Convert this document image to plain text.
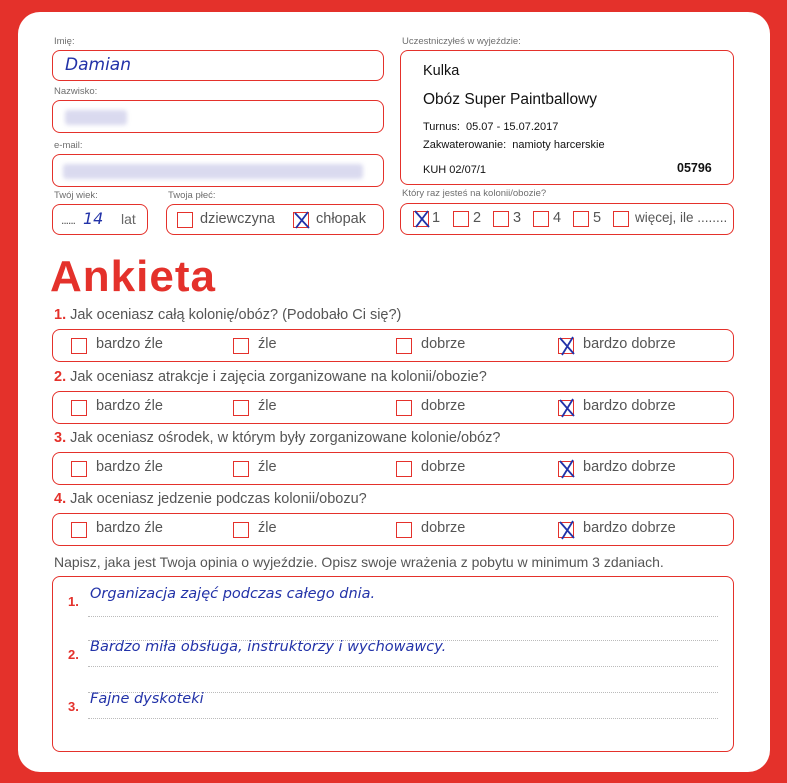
Imię:
Damian
Nazwisko:
e-mail:
Twój wiek:
...... 14 lat
Twoja płeć:
dziewczyna	chłopak
Uczestniczyłeś w wyjeździe:
Kulka
Obóz Super Paintballowy
Turnus: 05.07 - 15.07.2017
Zakwaterowanie: namioty harcerskie
KUH 02/07/1	05796
Który raz jesteś na kolonii/obozie?
1 2 3 4 5	więcej, ile ........
Ankieta
1. Jak oceniasz całą kolonię/obóz? (Podobało Ci się?)
bardzo źle	źle	dobrze	bardzo dobrze
2. Jak oceniasz atrakcje i zajęcia zorganizowane na kolonii/obozie?
bardzo źle	źle	dobrze	bardzo dobrze
3. Jak oceniasz ośrodek, w którym były zorganizowane kolonie/obóz?
bardzo źle	źle	dobrze	bardzo dobrze
4. Jak oceniasz jedzenie podczas kolonii/obozu?
bardzo źle	źle	dobrze	bardzo dobrze
Napisz, jaka jest Twoja opinia o wyjeździe. Opisz swoje wrażenia z pobytu w minimum 3 zdaniach.
1. Organizacja zajęć podczas całego dnia.
2. Bardzo miła obsługa, instruktorzy i wychowawcy.
3. Fajne dyskoteki
